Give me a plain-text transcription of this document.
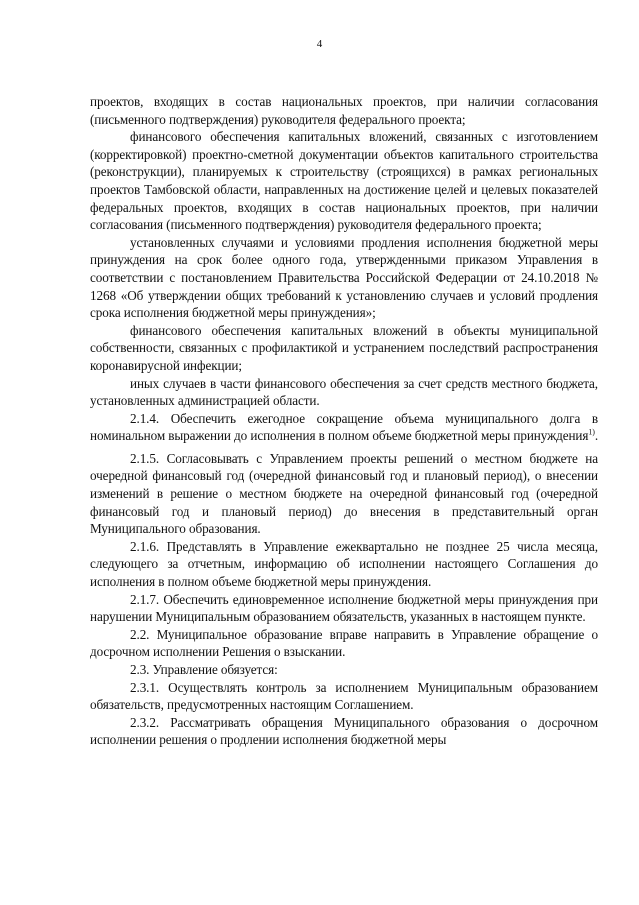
4

проектов, входящих в состав национальных проектов, при наличии согласования (письменного подтверждения) руководителя федерального проекта;

финансового обеспечения капитальных вложений, связанных с изготовлением (корректировкой) проектно-сметной документации объектов капитального строительства (реконструкции), планируемых к строительству (строящихся) в рамках региональных проектов Тамбовской области, направленных на достижение целей и целевых показателей федеральных проектов, входящих в состав национальных проектов, при наличии согласования (письменного подтверждения) руководителя федерального проекта;

установленных случаями и условиями продления исполнения бюджетной меры принуждения на срок более одного года, утвержденными приказом Управления в соответствии с постановлением Правительства Российской Федерации от 24.10.2018 № 1268 «Об утверждении общих требований к установлению случаев и условий продления срока исполнения бюджетной меры принуждения»;

финансового обеспечения капитальных вложений в объекты муниципальной собственности, связанных с профилактикой и устранением последствий распространения коронавирусной инфекции;

иных случаев в части финансового обеспечения за счет средств местного бюджета, установленных администрацией области.

2.1.4. Обеспечить ежегодное сокращение объема муниципального долга в номинальном выражении до исполнения в полном объеме бюджетной меры принуждения$^{1)}$.

2.1.5. Согласовывать с Управлением проекты решений о местном бюджете на очередной финансовый год (очередной финансовый год и плановый период), о внесении изменений в решение о местном бюджете на очередной финансовый год (очередной финансовый год и плановый период) до внесения в представительный орган Муниципального образования.

2.1.6. Представлять в Управление ежеквартально не позднее 25 числа месяца, следующего за отчетным, информацию об исполнении настоящего Соглашения до исполнения в полном объеме бюджетной меры принуждения.

2.1.7. Обеспечить единовременное исполнение бюджетной меры принуждения при нарушении Муниципальным образованием обязательств, указанных в настоящем пункте.

2.2. Муниципальное образование вправе направить в Управление обращение о досрочном исполнении Решения о взыскании.

2.3. Управление обязуется:

2.3.1. Осуществлять контроль за исполнением Муниципальным образованием обязательств, предусмотренных настоящим Соглашением.

2.3.2. Рассматривать обращения Муниципального образования о досрочном исполнении решения о продлении исполнения бюджетной меры
